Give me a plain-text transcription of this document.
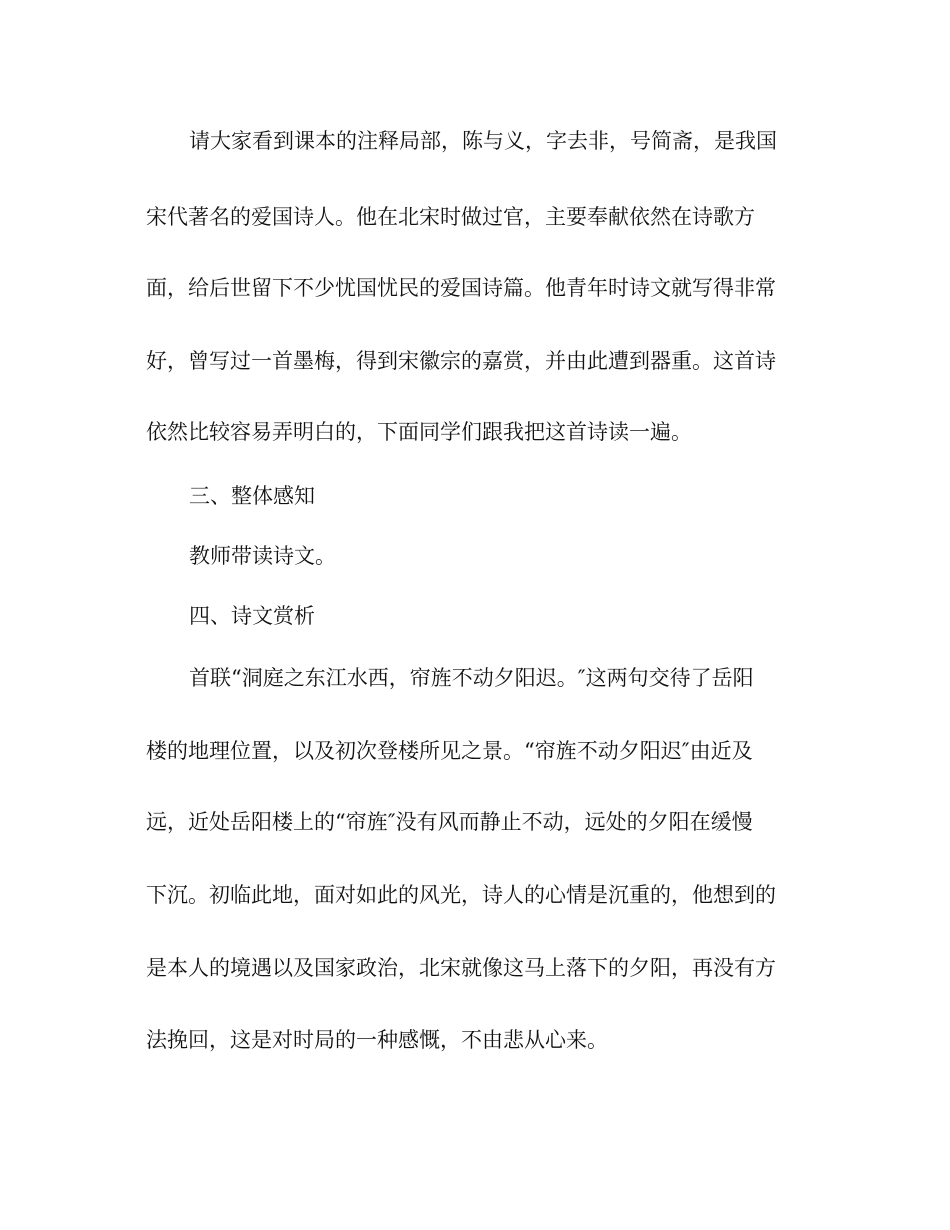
请大家看到课本的注释局部，陈与义，字去非，号简斋，是我国
宋代著名的爱国诗人。他在北宋时做过官，主要奉献依然在诗歌方
面，给后世留下不少忧国忧民的爱国诗篇。他青年时诗文就写得非常
好，曾写过一首墨梅，得到宋徽宗的嘉赏，并由此遭到器重。这首诗
依然比较容易弄明白的，下面同学们跟我把这首诗读一遍。
三、整体感知
教师带读诗文。
四、诗文赏析
首联“洞庭之东江水西，帘旌不动夕阳迟。″这两句交待了岳阳
楼的地理位置，以及初次登楼所见之景。“帘旌不动夕阳迟″由近及
远，近处岳阳楼上的“帘旌″没有风而静止不动，远处的夕阳在缓慢
下沉。初临此地，面对如此的风光，诗人的心情是沉重的，他想到的
是本人的境遇以及国家政治，北宋就像这马上落下的夕阳，再没有方
法挽回，这是对时局的一种感慨，不由悲从心来。
